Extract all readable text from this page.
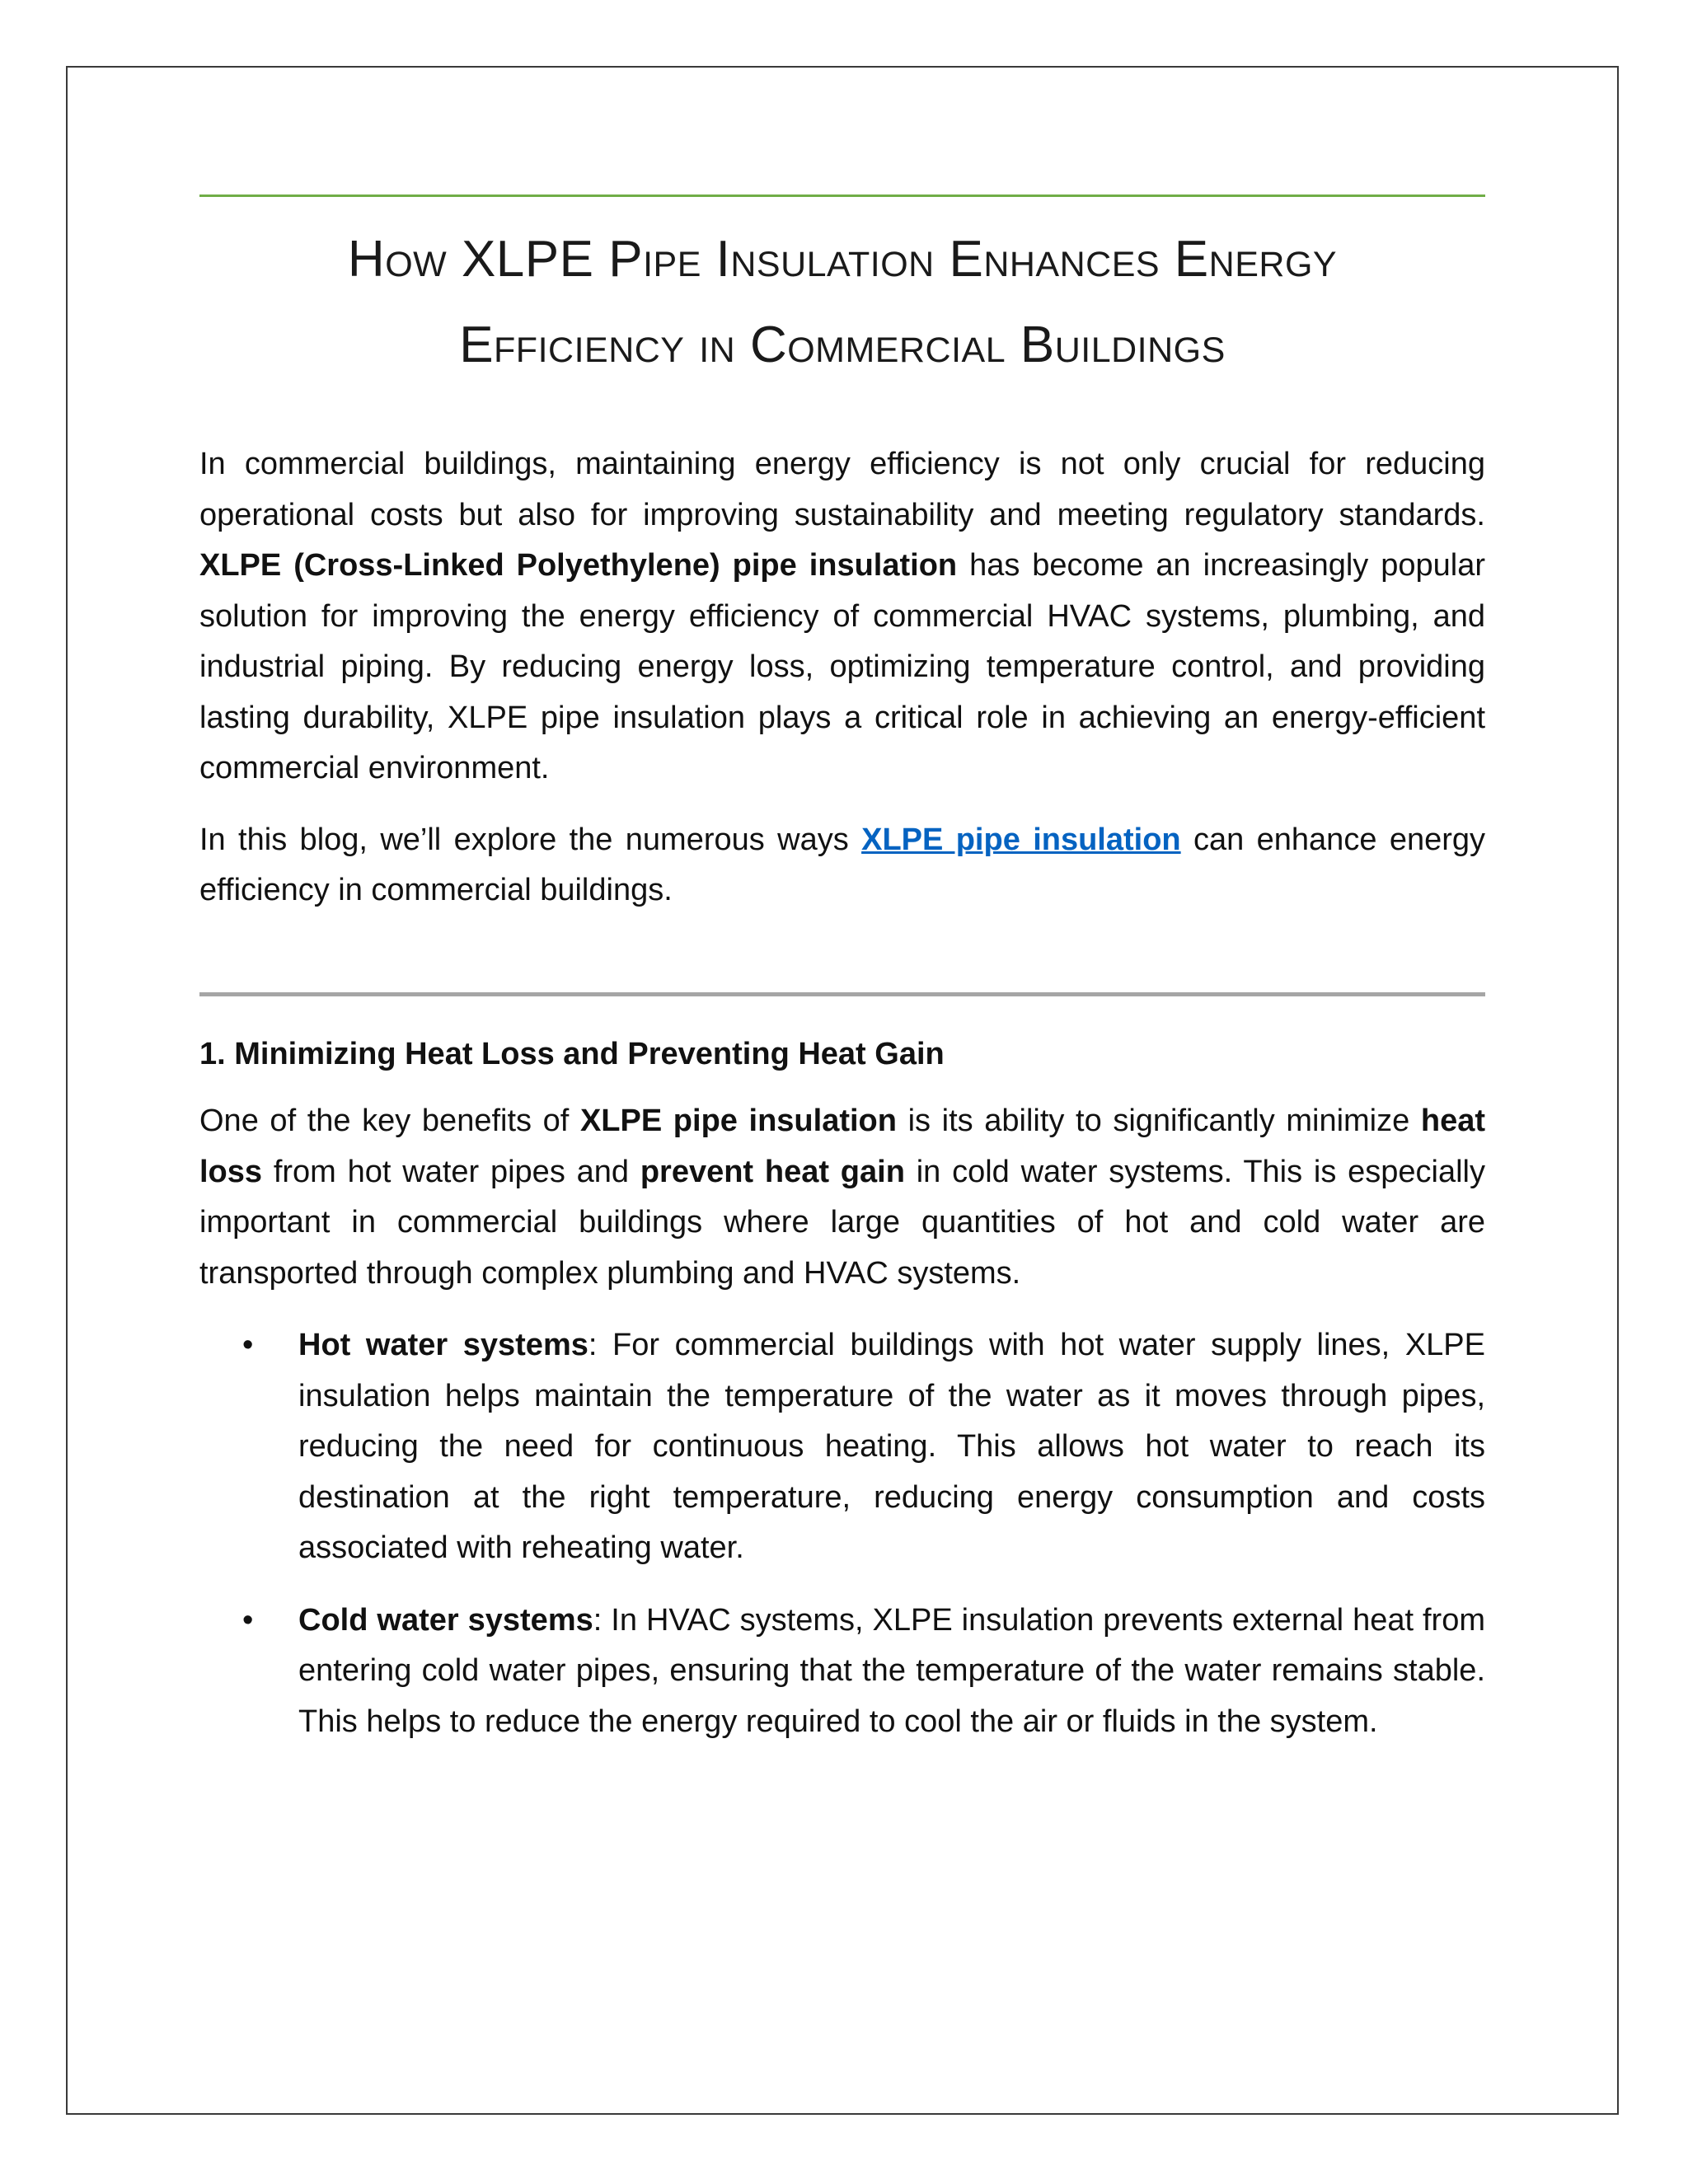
How XLPE Pipe Insulation Enhances Energy
Efficiency in Commercial Buildings

In commercial buildings, maintaining energy efficiency is not only crucial for reducing operational costs but also for improving sustainability and meeting regulatory standards. XLPE (Cross-Linked Polyethylene) pipe insulation has become an increasingly popular solution for improving the energy efficiency of commercial HVAC systems, plumbing, and industrial piping. By reducing energy loss, optimizing temperature control, and providing lasting durability, XLPE pipe insulation plays a critical role in achieving an energy-efficient commercial environment.

In this blog, we’ll explore the numerous ways XLPE pipe insulation can enhance energy efficiency in commercial buildings.

1. Minimizing Heat Loss and Preventing Heat Gain

One of the key benefits of XLPE pipe insulation is its ability to significantly minimize heat loss from hot water pipes and prevent heat gain in cold water systems. This is especially important in commercial buildings where large quantities of hot and cold water are transported through complex plumbing and HVAC systems.

• Hot water systems: For commercial buildings with hot water supply lines, XLPE insulation helps maintain the temperature of the water as it moves through pipes, reducing the need for continuous heating. This allows hot water to reach its destination at the right temperature, reducing energy consumption and costs associated with reheating water.
• Cold water systems: In HVAC systems, XLPE insulation prevents external heat from entering cold water pipes, ensuring that the temperature of the water remains stable. This helps to reduce the energy required to cool the air or fluids in the system.
